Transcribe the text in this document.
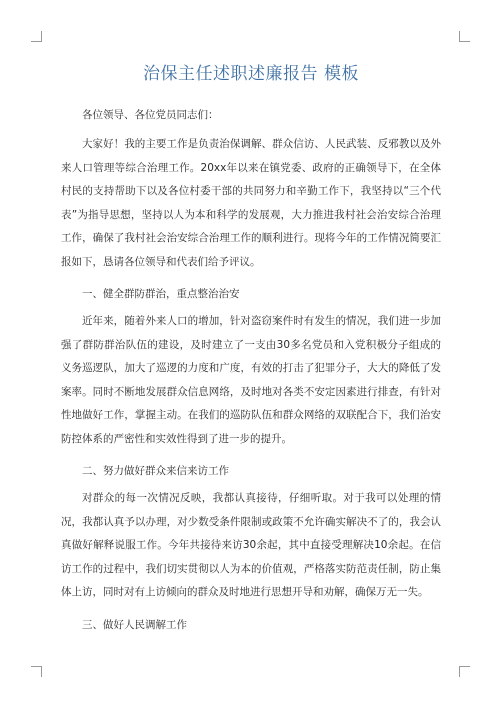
治保主任述职述廉报告 模板

各位领导、各位党员同志们：

大家好！我的主要工作是负责治保调解、群众信访、人民武装、反邪教以及外来人口管理等综合治理工作。20xx年以来在镇党委、政府的正确领导下，在全体村民的支持帮助下以及各位村委干部的共同努力和辛勤工作下，我坚持以“三个代表”为指导思想，坚持以人为本和科学的发展观，大力推进我村社会治安综合治理工作，确保了我村社会治安综合治理工作的顺利进行。现将今年的工作情况简要汇报如下，恳请各位领导和代表们给予评议。

一、健全群防群治，重点整治治安

近年来，随着外来人口的增加，针对盗窃案件时有发生的情况，我们进一步加强了群防群治队伍的建设，及时建立了一支由30多名党员和入党积极分子组成的义务巡逻队，加大了巡逻的力度和广度，有效的打击了犯罪分子，大大的降低了发案率。同时不断地发展群众信息网络，及时地对各类不安定因素进行排查，有针对性地做好工作，掌握主动。在我们的巡防队伍和群众网络的双联配合下，我们治安防控体系的严密性和实效性得到了进一步的提升。

二、努力做好群众来信来访工作

对群众的每一次情况反映，我都认真接待，仔细听取。对于我可以处理的情况，我都认真予以办理，对少数受条件限制或政策不允许确实解决不了的，我会认真做好解释说服工作。今年共接待来访30余起，其中直接受理解决10余起。在信访工作的过程中，我们切实贯彻以人为本的价值观，严格落实防范责任制，防止集体上访，同时对有上访倾向的群众及时地进行思想开导和劝解，确保万无一失。

三、做好人民调解工作
